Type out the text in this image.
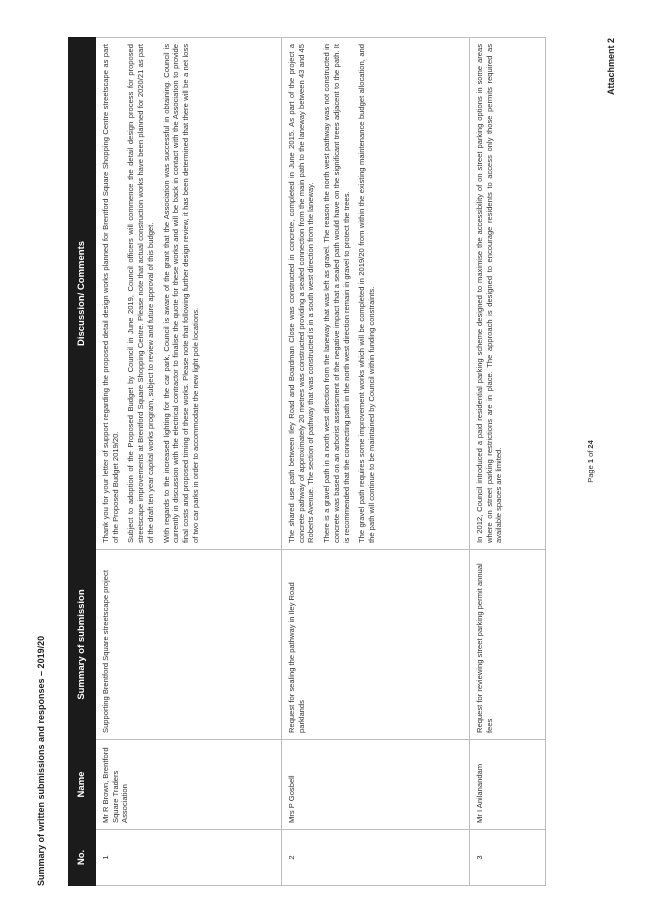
Summary of written submissions and responses – 2019/20
Attachment 2
No.	Name	Summary of submission	Discussion/ Comments
1	Mr R Brown, Brentford Square Traders Association	Supporting Brentford Square streetscape project	Thank you for your letter of support regarding the proposed detail design works planned for Brentford Square Shopping Centre streetscape as part of the Proposed Budget 2019/20. Subject to adoption of the Proposed Budget by Council in June 2019, Council officers will commence the detail design process for proposed streetscape improvements at Brentford Square Shopping Centre. Please note that actual construction works have been planned for 2020/21 as part of the draft ten year capital works program, subject to review and future approval of this budget. With regards to the increased lighting for the car park, Council is aware of the grant that the Association was successful in obtaining. Council is currently in discussion with the electrical contractor to finalise the quote for these works and will be back in contact with the Association to provide final costs and proposed timing of these works. Please note that following further design review, it has been determined that there will be a net loss of two car parks in order to accommodate the new light pole locations.

2	Mrs P Gosbell	Request for sealing the pathway in Iley Road parklands	The shared use path between Iley Road and Boardman Close was constructed in concrete, completed in June 2015. As part of the project a concrete pathway of approximately 20 metres was constructed providing a sealed connection from the main path to the laneway between 43 and 45 Roberts Avenue. The section of pathway that was constructed is in a south west direction from the laneway. There is a gravel path in a north west direction from the laneway that was left as gravel. The reason the north west pathway was not constructed in concrete was based on an arborist assessment of the negative impact that a sealed path would have on the significant trees adjacent to the path. It is recommended that the connecting path in the north west direction remain in gravel to protect the trees. The gravel path requires some improvement works which will be completed in 2019/20 from within the existing maintenance budget allocation, and the path will continue to be maintained by Council within funding constraints.

3	Mr I Anilanandam	Request for reviewing street parking permit annual fees	In 2012, Council introduced a paid residential parking scheme designed to maximise the accessibility of on street parking options in some areas where on street parking restrictions are in place. The approach is designed to encourage residents to access only those permits required as available spaces are limited.	Page 1 of 24
